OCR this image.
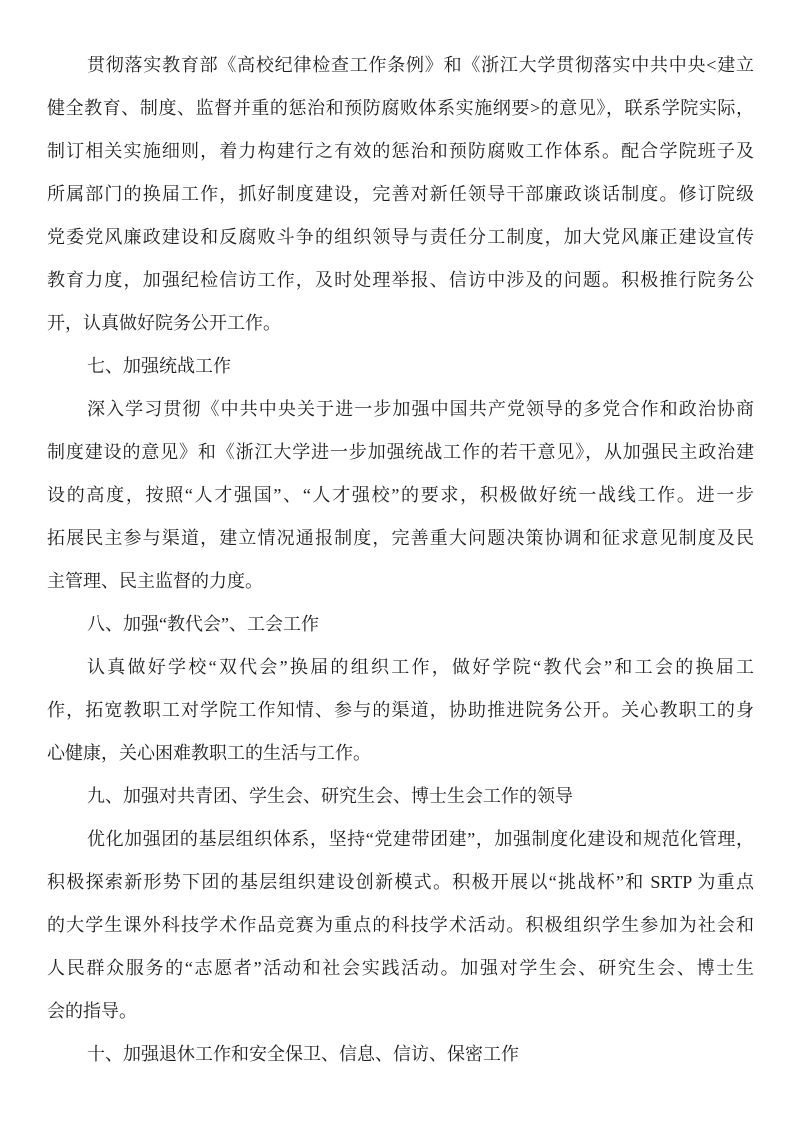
贯彻落实教育部《高校纪律检查工作条例》和《浙江大学贯彻落实中共中央<建立
健全教育、制度、监督并重的惩治和预防腐败体系实施纲要>的意见》，联系学院实际，
制订相关实施细则，着力构建行之有效的惩治和预防腐败工作体系。配合学院班子及
所属部门的换届工作，抓好制度建设，完善对新任领导干部廉政谈话制度。修订院级
党委党风廉政建设和反腐败斗争的组织领导与责任分工制度，加大党风廉正建设宣传
教育力度，加强纪检信访工作，及时处理举报、信访中涉及的问题。积极推行院务公
开，认真做好院务公开工作。
七、加强统战工作
深入学习贯彻《中共中央关于进一步加强中国共产党领导的多党合作和政治协商
制度建设的意见》和《浙江大学进一步加强统战工作的若干意见》，从加强民主政治建
设的高度，按照“人才强国”、“人才强校”的要求，积极做好统一战线工作。进一步
拓展民主参与渠道，建立情况通报制度，完善重大问题决策协调和征求意见制度及民
主管理、民主监督的力度。
八、加强“教代会”、工会工作
认真做好学校“双代会”换届的组织工作，做好学院“教代会”和工会的换届工
作，拓宽教职工对学院工作知情、参与的渠道，协助推进院务公开。关心教职工的身
心健康，关心困难教职工的生活与工作。
九、加强对共青团、学生会、研究生会、博士生会工作的领导
优化加强团的基层组织体系，坚持“党建带团建”，加强制度化建设和规范化管理，
积极探索新形势下团的基层组织建设创新模式。积极开展以“挑战杯”和 SRTP 为重点
的大学生课外科技学术作品竞赛为重点的科技学术活动。积极组织学生参加为社会和
人民群众服务的“志愿者”活动和社会实践活动。加强对学生会、研究生会、博士生
会的指导。
十、加强退休工作和安全保卫、信息、信访、保密工作
